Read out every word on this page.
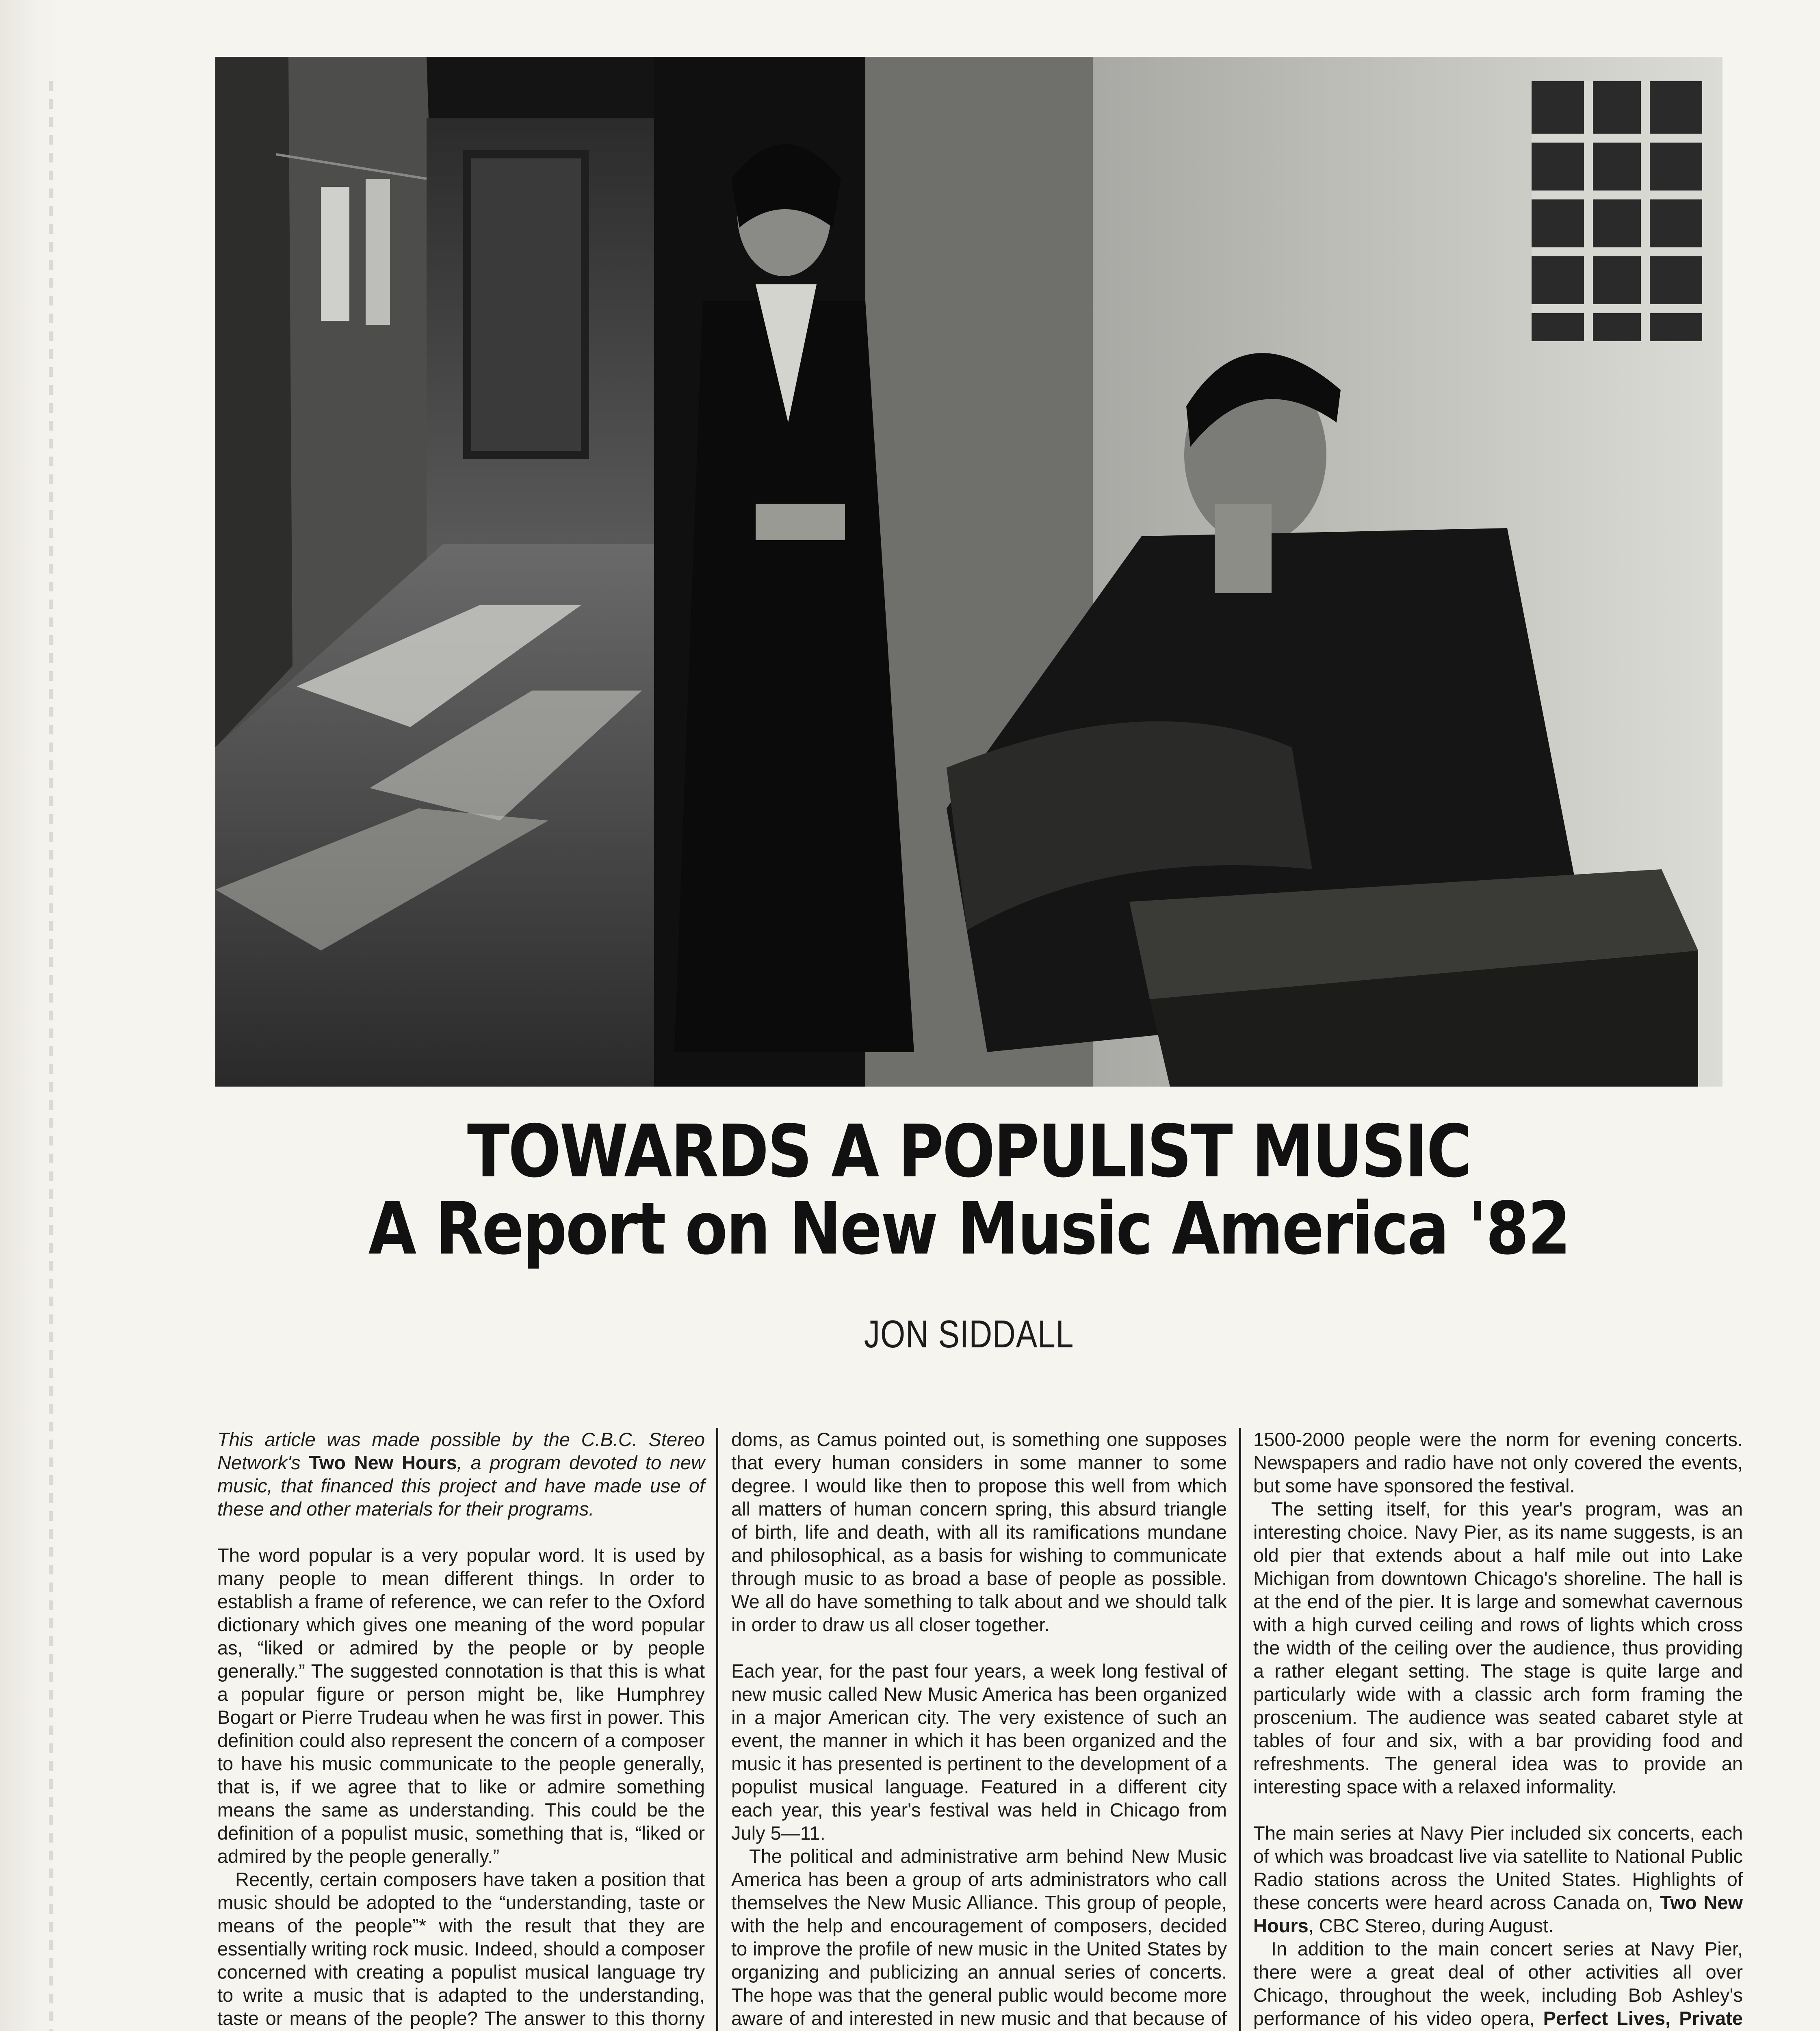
TOWARDS A POPULIST MUSIC
A Report on New Music America '82
JON SIDDALL

This article was made possible by the C.B.C. Stereo Network's Two New Hours, a program devoted to new music, that financed this project and have made use of these and other materials for their programs.

The word popular is a very popular word. It is used by many people to mean different things. In order to establish a frame of reference, we can refer to the Oxford dictionary which gives one meaning of the word popular as, “liked or admired by the people or by people generally.” The suggested connotation is that this is what a popular figure or person might be, like Humphrey Bogart or Pierre Trudeau when he was first in power. This definition could also represent the concern of a composer to have his music communicate to the people generally, that is, if we agree that to like or admire something means the same as understanding. This could be the definition of a populist music, something that is, “liked or admired by the people generally.”

Recently, certain composers have taken a position that music should be adopted to the “understanding, taste or means of the people”* with the result that they are essentially writing rock music. Indeed, should a composer concerned with creating a populist musical language try to write a music that is adapted to the understanding, taste or means of the people? The answer to this thorny

doms, as Camus pointed out, is something one supposes that every human considers in some manner to some degree. I would like then to propose this well from which all matters of human concern spring, this absurd triangle of birth, life and death, with all its ramifications mundane and philosophical, as a basis for wishing to communicate through music to as broad a base of people as possible. We all do have something to talk about and we should talk in order to draw us all closer together.

Each year, for the past four years, a week long festival of new music called New Music America has been organized in a major American city. The very existence of such an event, the manner in which it has been organized and the music it has presented is pertinent to the development of a populist musical language. Featured in a different city each year, this year's festival was held in Chicago from July 5—11.

The political and administrative arm behind New Music America has been a group of arts administrators who call themselves the New Music Alliance. This group of people, with the help and encouragement of composers, decided to improve the profile of new music in the United States by organizing and publicizing an annual series of concerts. The hope was that the general public would become more aware of and interested in new music and that because of

1500-2000 people were the norm for evening concerts. Newspapers and radio have not only covered the events, but some have sponsored the festival.

The setting itself, for this year's program, was an interesting choice. Navy Pier, as its name suggests, is an old pier that extends about a half mile out into Lake Michigan from downtown Chicago's shoreline. The hall is at the end of the pier. It is large and somewhat cavernous with a high curved ceiling and rows of lights which cross the width of the ceiling over the audience, thus providing a rather elegant setting. The stage is quite large and particularly wide with a classic arch form framing the proscenium. The audience was seated cabaret style at tables of four and six, with a bar providing food and refreshments. The general idea was to provide an interesting space with a relaxed informality.

The main series at Navy Pier included six concerts, each of which was broadcast live via satellite to National Public Radio stations across the United States. Highlights of these concerts were heard across Canada on, Two New Hours, CBC Stereo, during August.

In addition to the main concert series at Navy Pier, there were a great deal of other activities all over Chicago, throughout the week, including Bob Ashley's performance of his video opera, Perfect Lives, Private
